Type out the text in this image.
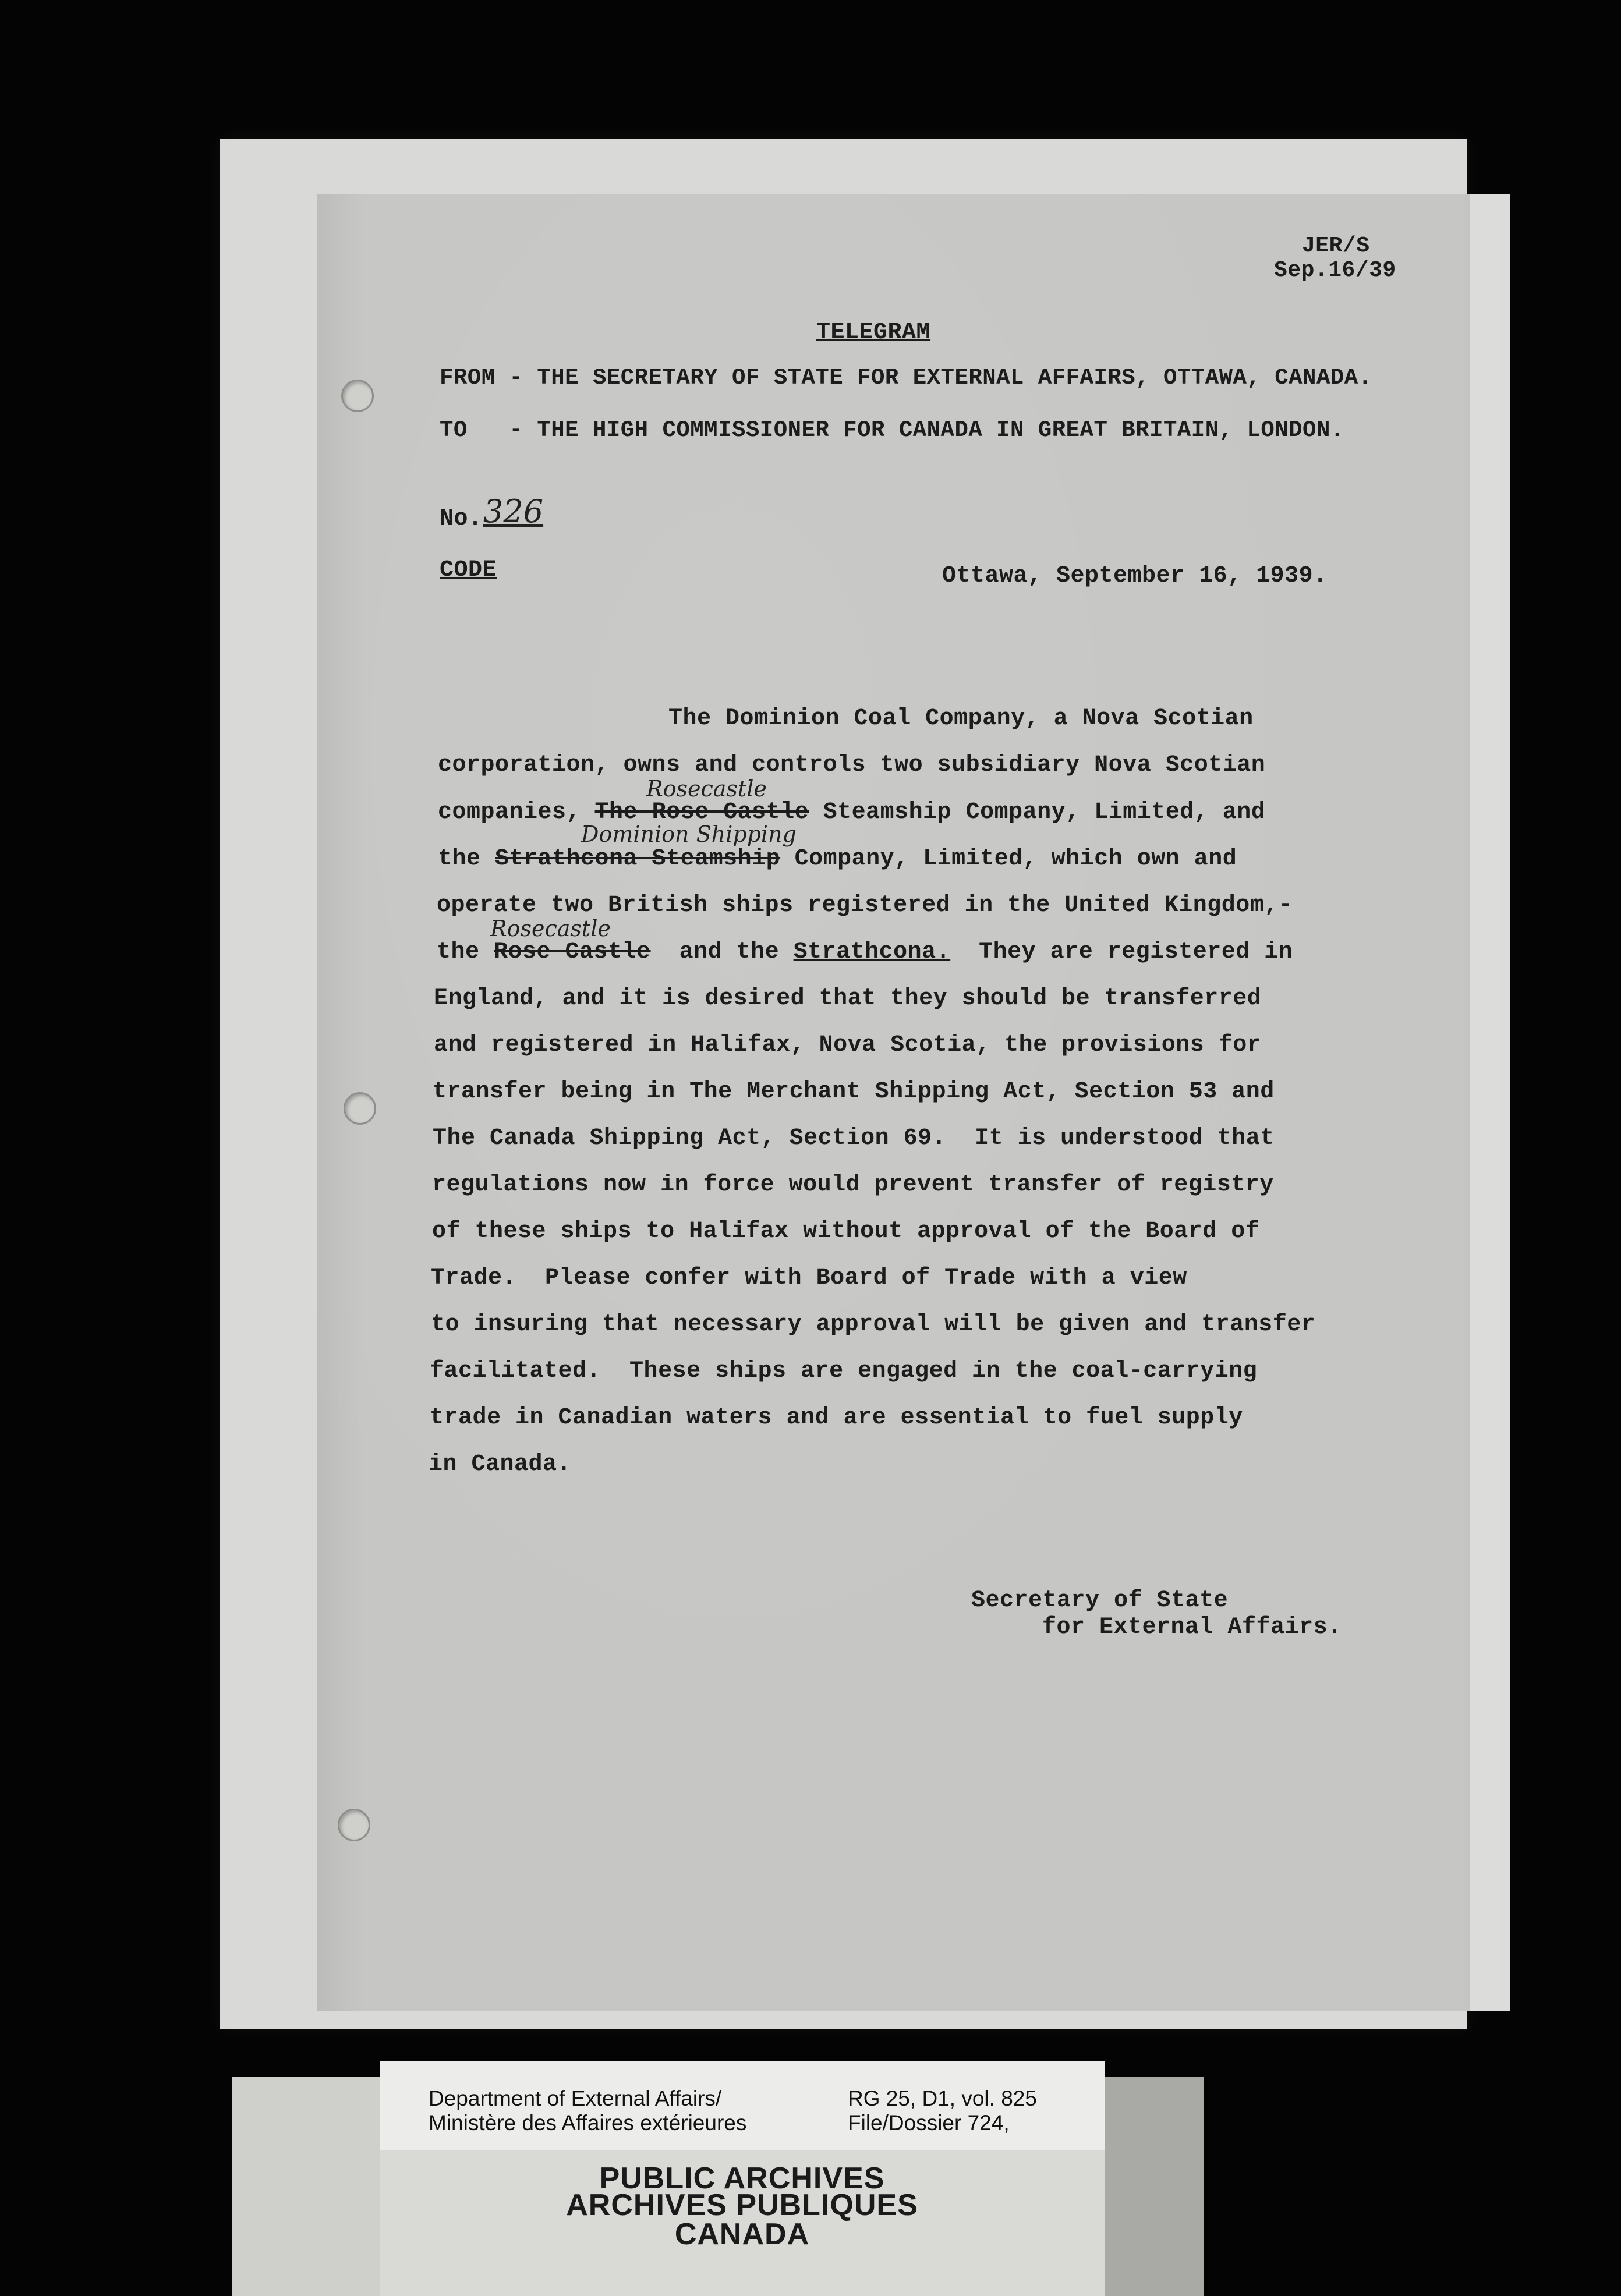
JER/S
Sep.16/39
TELEGRAM
FROM - THE SECRETARY OF STATE FOR EXTERNAL AFFAIRS, OTTAWA, CANADA.
TO   - THE HIGH COMMISSIONER FOR CANADA IN GREAT BRITAIN, LONDON.
No. 326
CODE	Ottawa, September 16, 1939.
The Dominion Coal Company, a Nova Scotian
corporation, owns and controls two subsidiary Nova Scotian
Rosecastle
companies, The Rose Castle Steamship Company, Limited, and
Dominion Shipping
the Strathcona Steamship Company, Limited, which own and
operate two British ships registered in the United Kingdom,-
Rosecastle
the Rose Castle  and the Strathcona.  They are registered in
England, and it is desired that they should be transferred
and registered in Halifax, Nova Scotia, the provisions for
transfer being in The Merchant Shipping Act, Section 53 and
The Canada Shipping Act, Section 69.  It is understood that
regulations now in force would prevent transfer of registry
of these ships to Halifax without approval of the Board of
Trade.  Please confer with Board of Trade with a view
to insuring that necessary approval will be given and transfer
facilitated.  These ships are engaged in the coal-carrying
trade in Canadian waters and are essential to fuel supply
in Canada.
Secretary of State
for External Affairs.
Department of External Affairs/
Ministère des Affaires extérieures
RG 25, D1, vol. 825
File/Dossier 724,
PUBLIC ARCHIVES
ARCHIVES PUBLIQUES
CANADA
